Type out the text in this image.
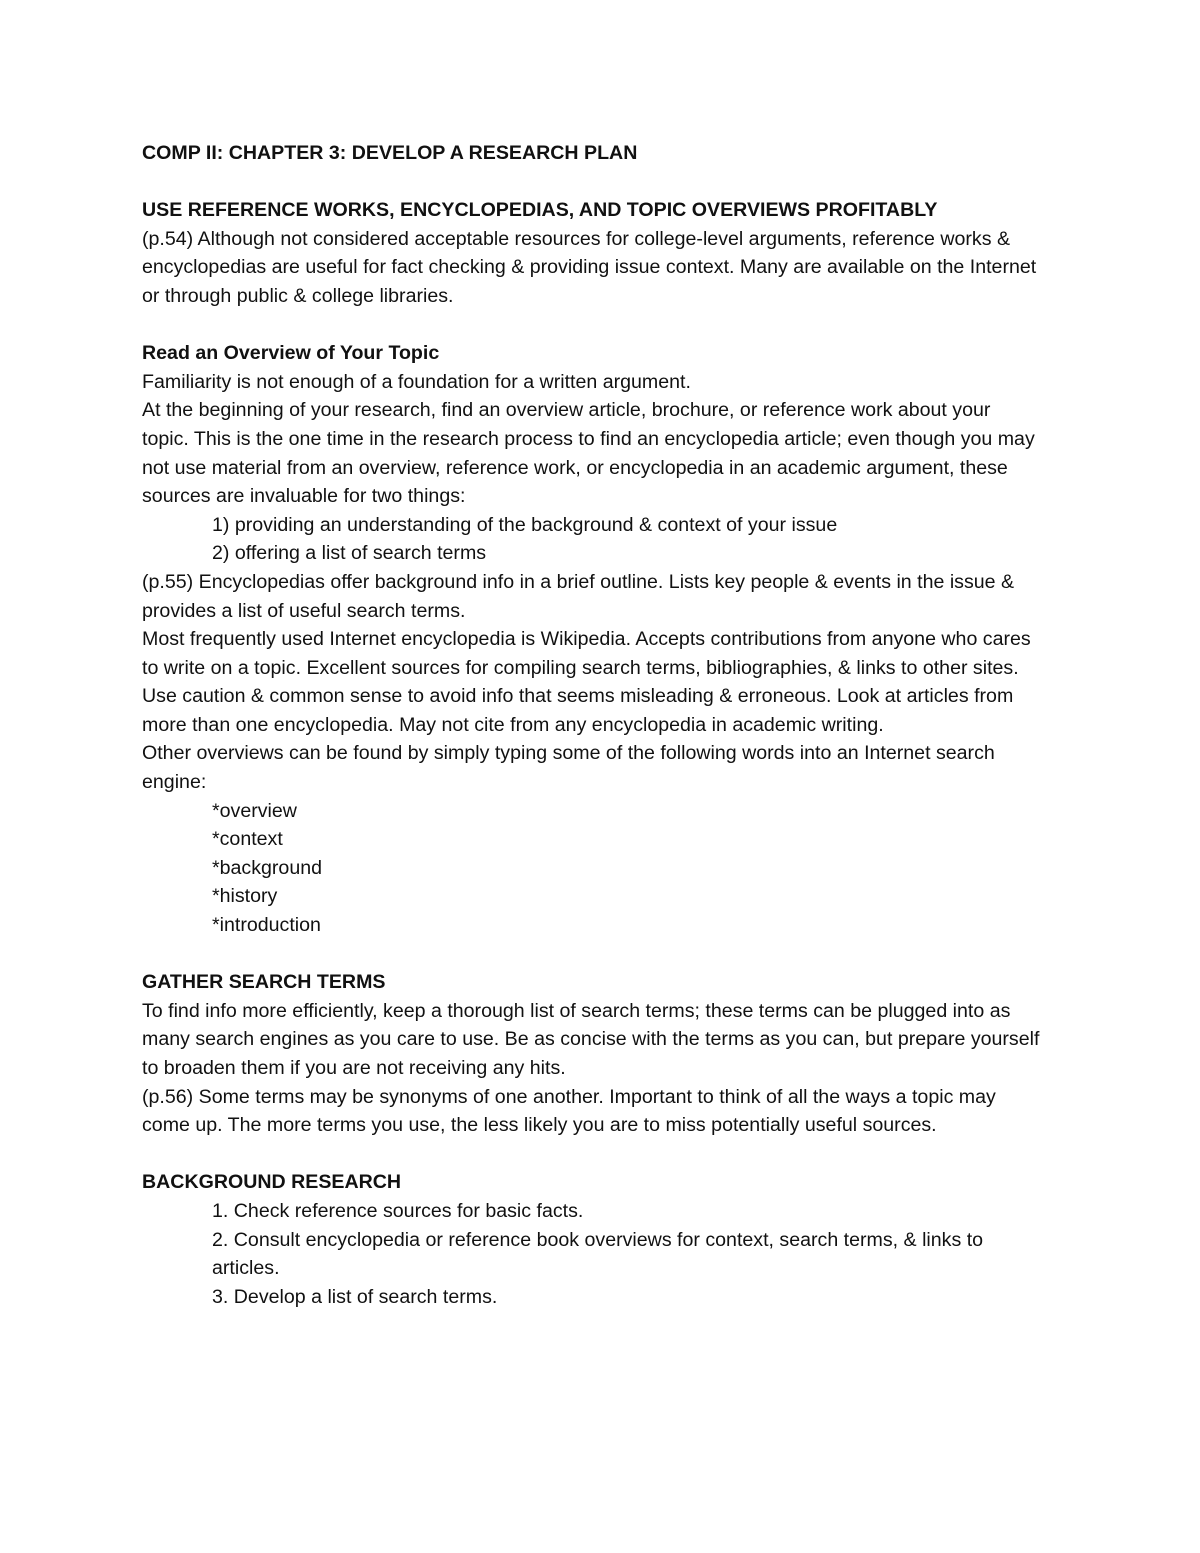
COMP II: CHAPTER 3: DEVELOP A RESEARCH PLAN
USE REFERENCE WORKS, ENCYCLOPEDIAS, AND TOPIC OVERVIEWS PROFITABLY

(p.54) Although not considered acceptable resources for college-level arguments, reference works & encyclopedias are useful for fact checking & providing issue context. Many are available on the Internet or through public & college libraries.

Read an Overview of Your Topic

Familiarity is not enough of a foundation for a written argument.

At the beginning of your research, find an overview article, brochure, or reference work about your topic. This is the one time in the research process to find an encyclopedia article; even though you may not use material from an overview, reference work, or encyclopedia in an academic argument, these sources are invaluable for two things:

1) providing an understanding of the background & context of your issue

2) offering a list of search terms

(p.55) Encyclopedias offer background info in a brief outline. Lists key people & events in the issue & provides a list of useful search terms.

Most frequently used Internet encyclopedia is Wikipedia. Accepts contributions from anyone who cares to write on a topic. Excellent sources for compiling search terms, bibliographies, & links to other sites. Use caution & common sense to avoid info that seems misleading & erroneous. Look at articles from more than one encyclopedia. May not cite from any encyclopedia in academic writing.

Other overviews can be found by simply typing some of the following words into an Internet search engine:

*overview

*context

*background

*history

*introduction

GATHER SEARCH TERMS

To find info more efficiently, keep a thorough list of search terms; these terms can be plugged into as many search engines as you care to use. Be as concise with the terms as you can, but prepare yourself to broaden them if you are not receiving any hits.

(p.56) Some terms may be synonyms of one another. Important to think of all the ways a topic may come up. The more terms you use, the less likely you are to miss potentially useful sources.

BACKGROUND RESEARCH

1. Check reference sources for basic facts.

2. Consult encyclopedia or reference book overviews for context, search terms, & links to articles.

3. Develop a list of search terms.
